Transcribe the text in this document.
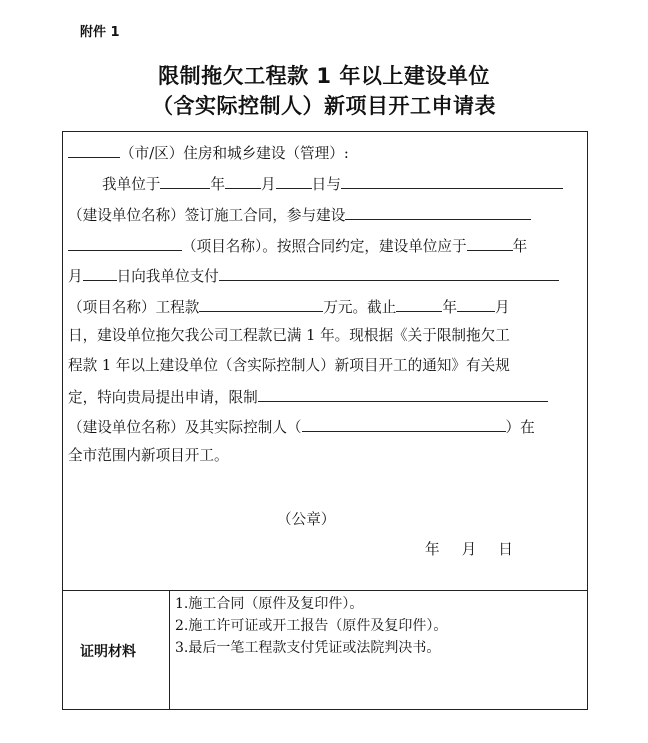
附件 1
限制拖欠工程款 1 年以上建设单位
（含实际控制人）新项目开工申请表
（市/区）住房和城乡建设（管理）:
我单位于	年 月 日与
（建设单位名称）签订施工合同，参与建设
（项目名称）。按照合同约定，建设单位应于	年
月 日向我单位支付
（项目名称）工程款	万元。截止	年	月
日，建设单位拖欠我公司工程款已满 1 年。现根据《关于限制拖欠工
程款 1 年以上建设单位（含实际控制人）新项目开工的通知》有关规
定，特向贵局提出申请，限制
（建设单位名称）及其实际控制人（	）在
全市范围内新项目开工。
（公章）
年 月 日
证明材料
1.施工合同（原件及复印件）。
2.施工许可证或开工报告（原件及复印件）。
3.最后一笔工程款支付凭证或法院判决书。
